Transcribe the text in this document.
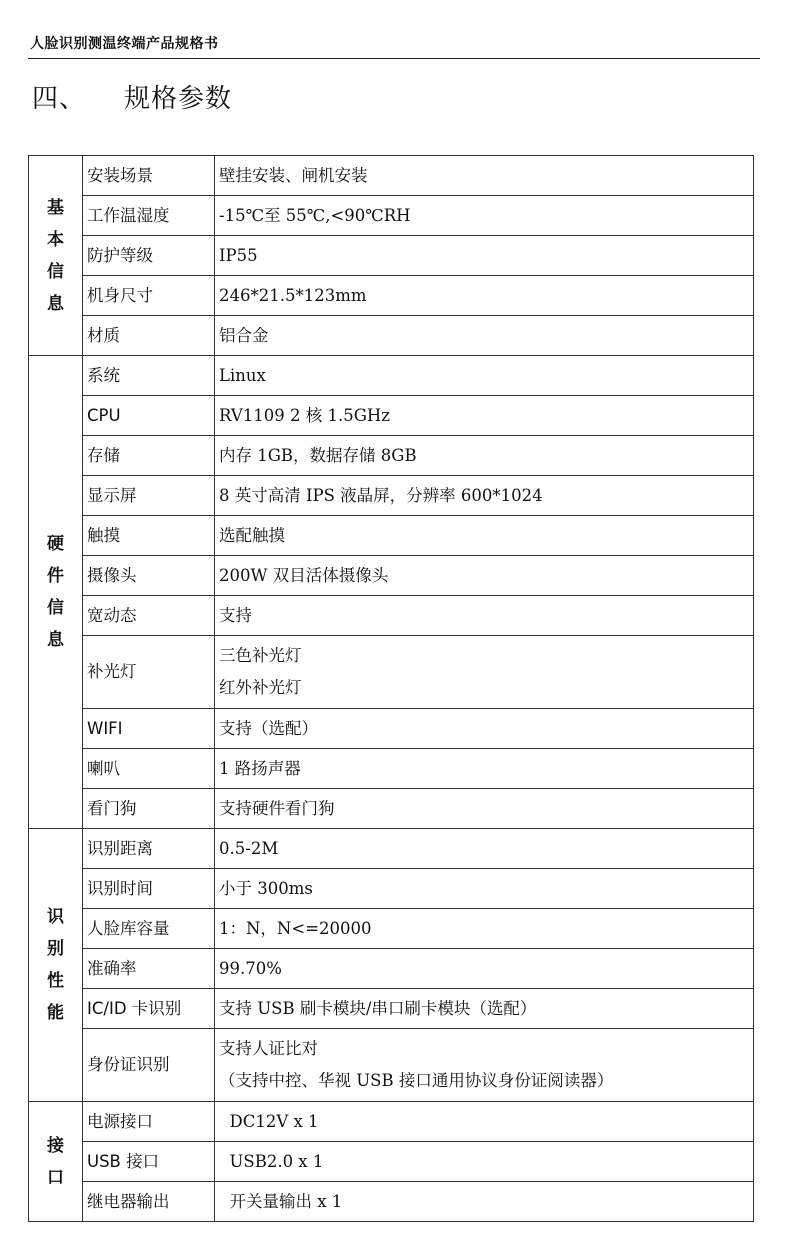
人脸识别测温终端产品规格书
四、 规格参数
基本信息	安装场景	壁挂安装、闸机安装

	工作温湿度	-15℃至 55℃,<90℃RH

	防护等级	IP55

	机身尺寸	246*21.5*123mm

	材质	铝合金

硬件信息	系统	Linux

	CPU	RV1109 2 核 1.5GHz

	存储	内存 1GB，数据存储 8GB

	显示屏	8 英寸高清 IPS 液晶屏，分辨率 600*1024

	触摸	选配触摸

	摄像头	200W 双目活体摄像头

	宽动态	支持

	补光灯	三色补光灯
红外补光灯

	WIFI	支持（选配）

	喇叭	1 路扬声器

	看门狗	支持硬件看门狗

识别性能	识别距离	0.5-2M

	识别时间	小于 300ms

	人脸库容量	1：N，N<=20000

	准确率	99.70%

	IC/ID 卡识别	支持 USB 刷卡模块/串口刷卡模块（选配）

	身份证识别	支持人证比对
（支持中控、华视 USB 接口通用协议身份证阅读器）

接口	电源接口	DC12V x 1

	USB 接口	USB2.0 x 1

	继电器输出	开关量输出 x 1
